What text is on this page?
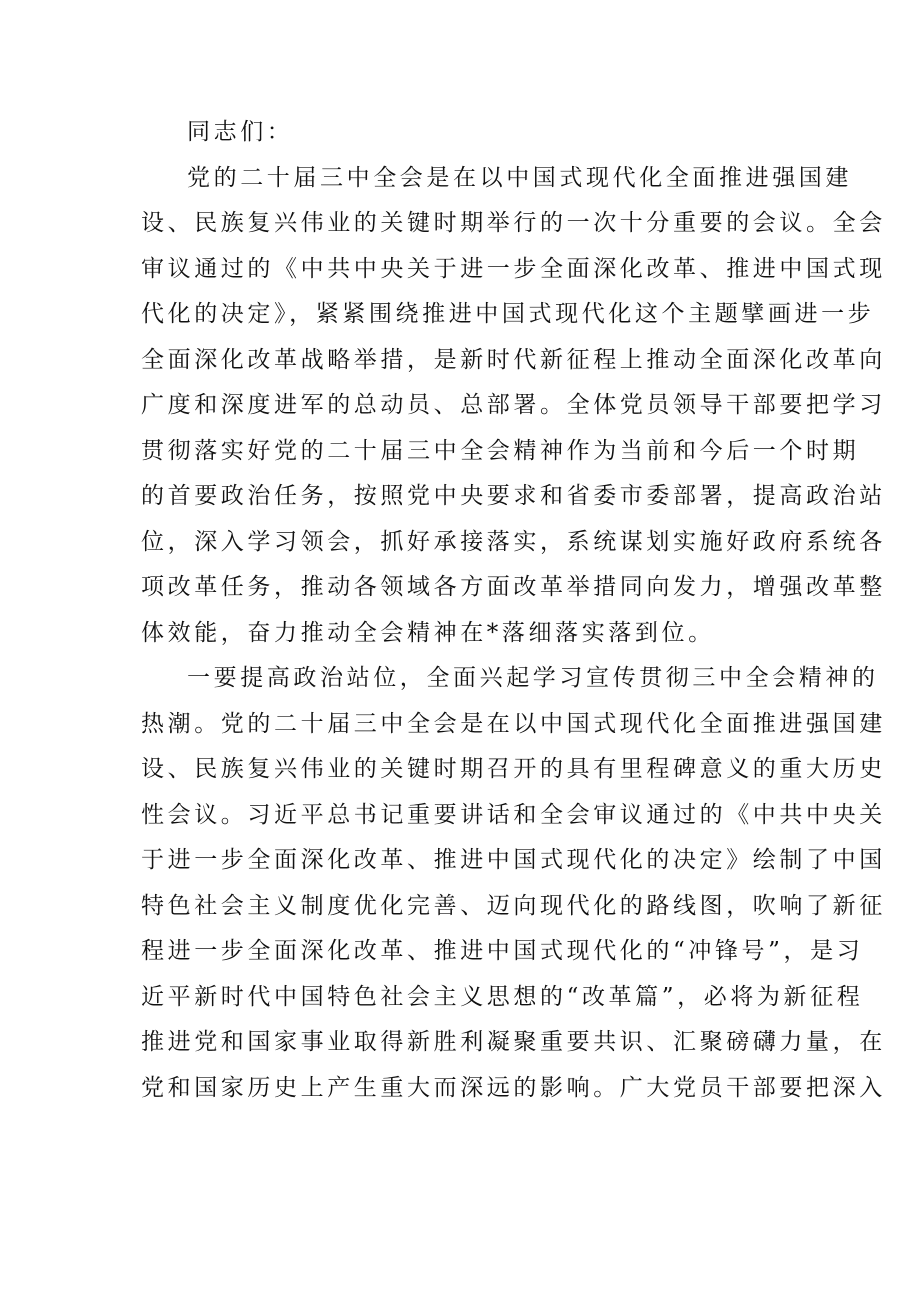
同志们：
党的二十届三中全会是在以中国式现代化全面推进强国建
设、民族复兴伟业的关键时期举行的一次十分重要的会议。全会
审议通过的《中共中央关于进一步全面深化改革、推进中国式现
代化的决定》，紧紧围绕推进中国式现代化这个主题擘画进一步
全面深化改革战略举措，是新时代新征程上推动全面深化改革向
广度和深度进军的总动员、总部署。全体党员领导干部要把学习
贯彻落实好党的二十届三中全会精神作为当前和今后一个时期
的首要政治任务，按照党中央要求和省委市委部署，提高政治站
位，深入学习领会，抓好承接落实，系统谋划实施好政府系统各
项改革任务，推动各领域各方面改革举措同向发力，增强改革整
体效能，奋力推动全会精神在*落细落实落到位。
一要提高政治站位，全面兴起学习宣传贯彻三中全会精神的
热潮。党的二十届三中全会是在以中国式现代化全面推进强国建
设、民族复兴伟业的关键时期召开的具有里程碑意义的重大历史
性会议。习近平总书记重要讲话和全会审议通过的《中共中央关
于进一步全面深化改革、推进中国式现代化的决定》绘制了中国
特色社会主义制度优化完善、迈向现代化的路线图，吹响了新征
程进一步全面深化改革、推进中国式现代化的“冲锋号”，是习
近平新时代中国特色社会主义思想的“改革篇”，必将为新征程
推进党和国家事业取得新胜利凝聚重要共识、汇聚磅礴力量，在
党和国家历史上产生重大而深远的影响。广大党员干部要把深入
